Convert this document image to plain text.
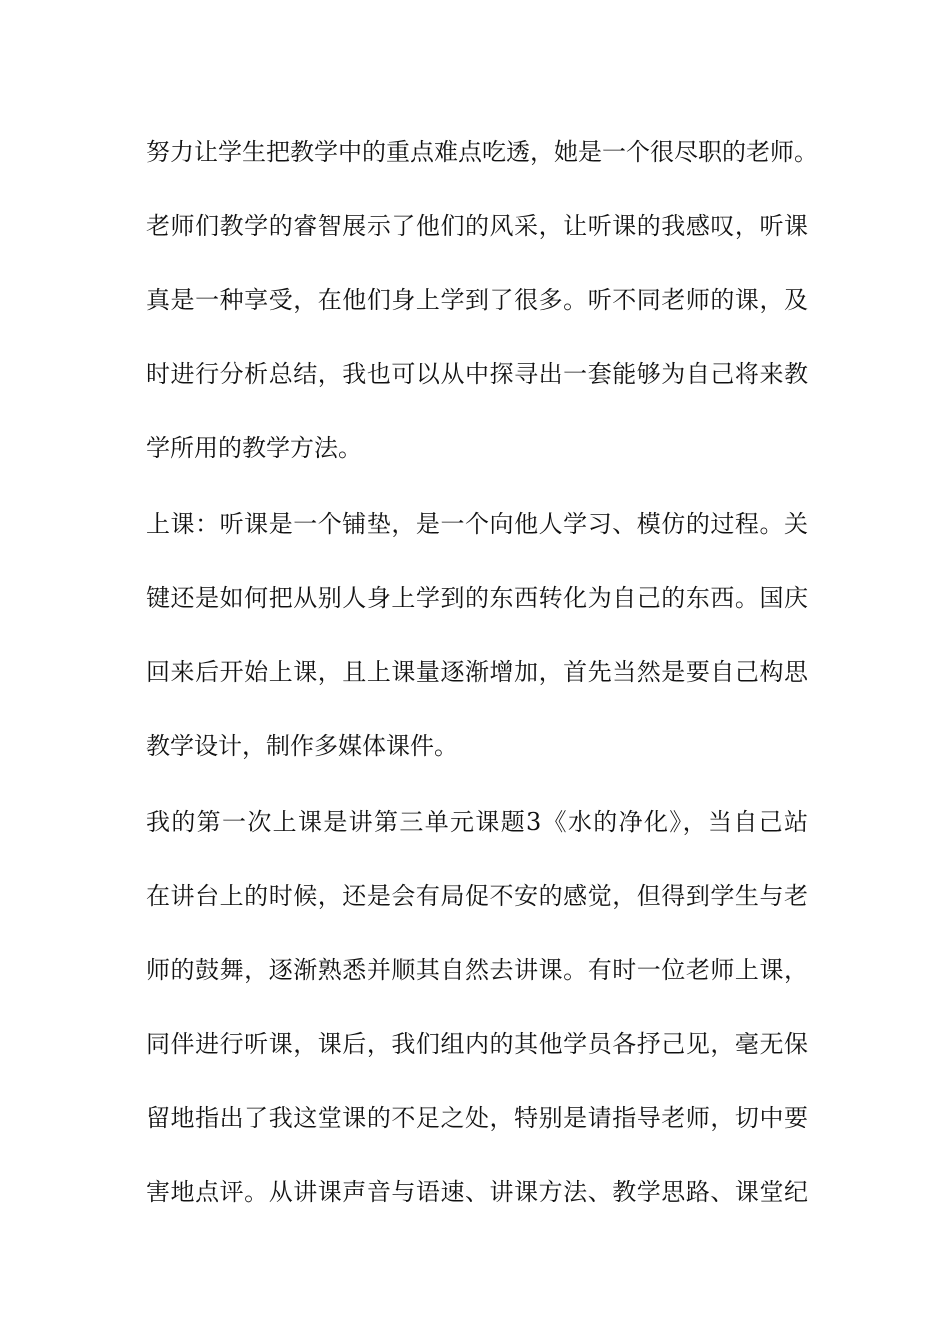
努力让学生把教学中的重点难点吃透，她是一个很尽职的老师。
老师们教学的睿智展示了他们的风采，让听课的我感叹，听课
真是一种享受，在他们身上学到了很多。听不同老师的课，及
时进行分析总结，我也可以从中探寻出一套能够为自己将来教
学所用的教学方法。
上课：听课是一个铺垫，是一个向他人学习、模仿的过程。关
键还是如何把从别人身上学到的东西转化为自己的东西。国庆
回来后开始上课，且上课量逐渐增加，首先当然是要自己构思
教学设计，制作多媒体课件。
我的第一次上课是讲第三单元课题3《水的净化》，当自己站
在讲台上的时候，还是会有局促不安的感觉，但得到学生与老
师的鼓舞，逐渐熟悉并顺其自然去讲课。有时一位老师上课，
同伴进行听课，课后，我们组内的其他学员各抒己见，毫无保
留地指出了我这堂课的不足之处，特别是请指导老师，切中要
害地点评。从讲课声音与语速、讲课方法、教学思路、课堂纪
